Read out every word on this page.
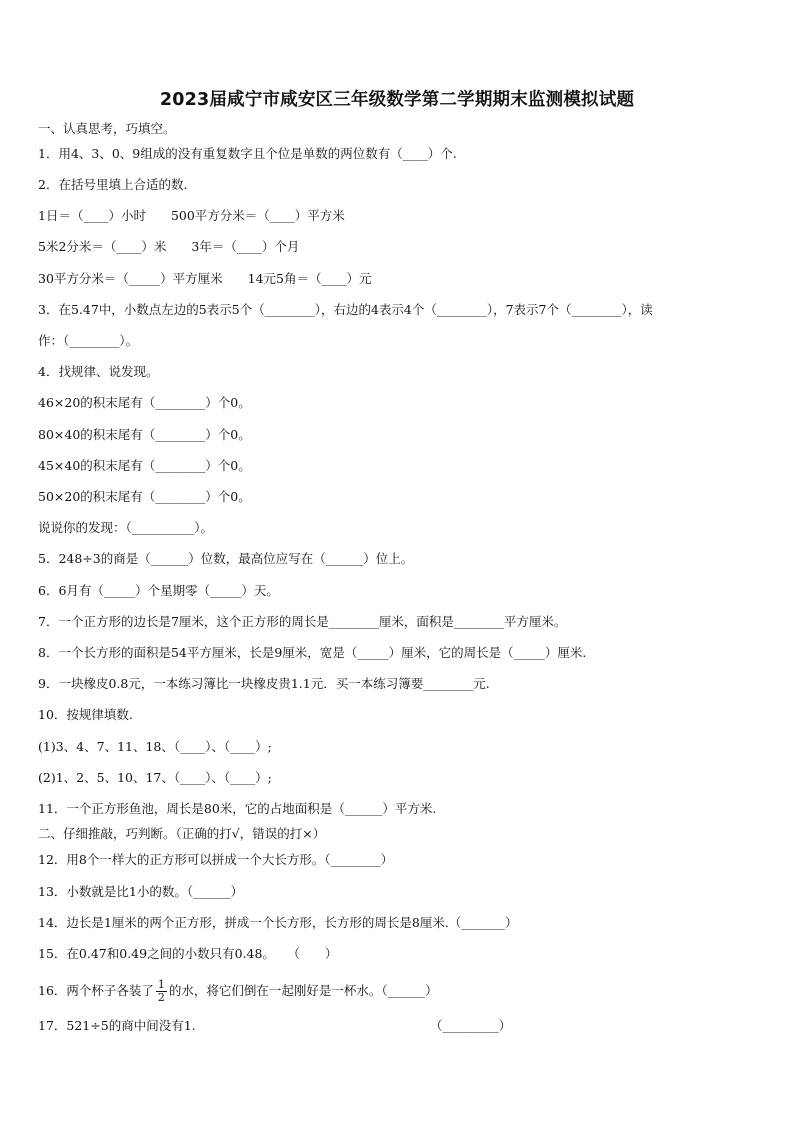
2023届咸宁市咸安区三年级数学第二学期期末监测模拟试题
一、认真思考，巧填空。
1．用4、3、0、9组成的没有重复数字且个位是单数的两位数有（____）个.
2．在括号里填上合适的数.
1日＝（____）小时　　500平方分米＝（____）平方米
5米2分米＝（____）米　　3年＝（____）个月
30平方分米＝（_____）平方厘米　　14元5角＝（____）元
3．在5.47中，小数点左边的5表示5个（________），右边的4表示4个（________），7表示7个（________），读
作：（________）。
4．找规律、说发现。
46×20的积末尾有（________）个0。
80×40的积末尾有（________）个0。
45×40的积末尾有（________）个0。
50×20的积末尾有（________）个0。
说说你的发现：（__________）。
5．248÷3的商是（______）位数，最高位应写在（______）位上。
6．6月有（_____）个星期零（_____）天。
7．一个正方形的边长是7厘米，这个正方形的周长是________厘米，面积是________平方厘米。
8．一个长方形的面积是54平方厘米，长是9厘米，宽是（_____）厘米，它的周长是（_____）厘米.
9．一块橡皮0.8元，一本练习簿比一块橡皮贵1.1元．买一本练习簿要________元.
10．按规律填数.
(1)3、4、7、11、18、（____）、（____）;
(2)1、2、5、10、17、（____）、（____）;
11．一个正方形鱼池，周长是80米，它的占地面积是（______）平方米.
二、仔细推敲，巧判断。（正确的打√，错误的打×）
12．用8个一样大的正方形可以拼成一个大长方形。（________）
13．小数就是比1小的数。（______）
14．边长是1厘米的两个正方形，拼成一个长方形，长方形的周长是8厘米.（_______）
15．在0.47和0.49之间的小数只有0.48。　　（　　）
16．两个杯子各装了 $\frac{1}{2}$ 的水，将它们倒在一起刚好是一杯水。（______）
17．521÷5的商中间没有1.	（_________）
